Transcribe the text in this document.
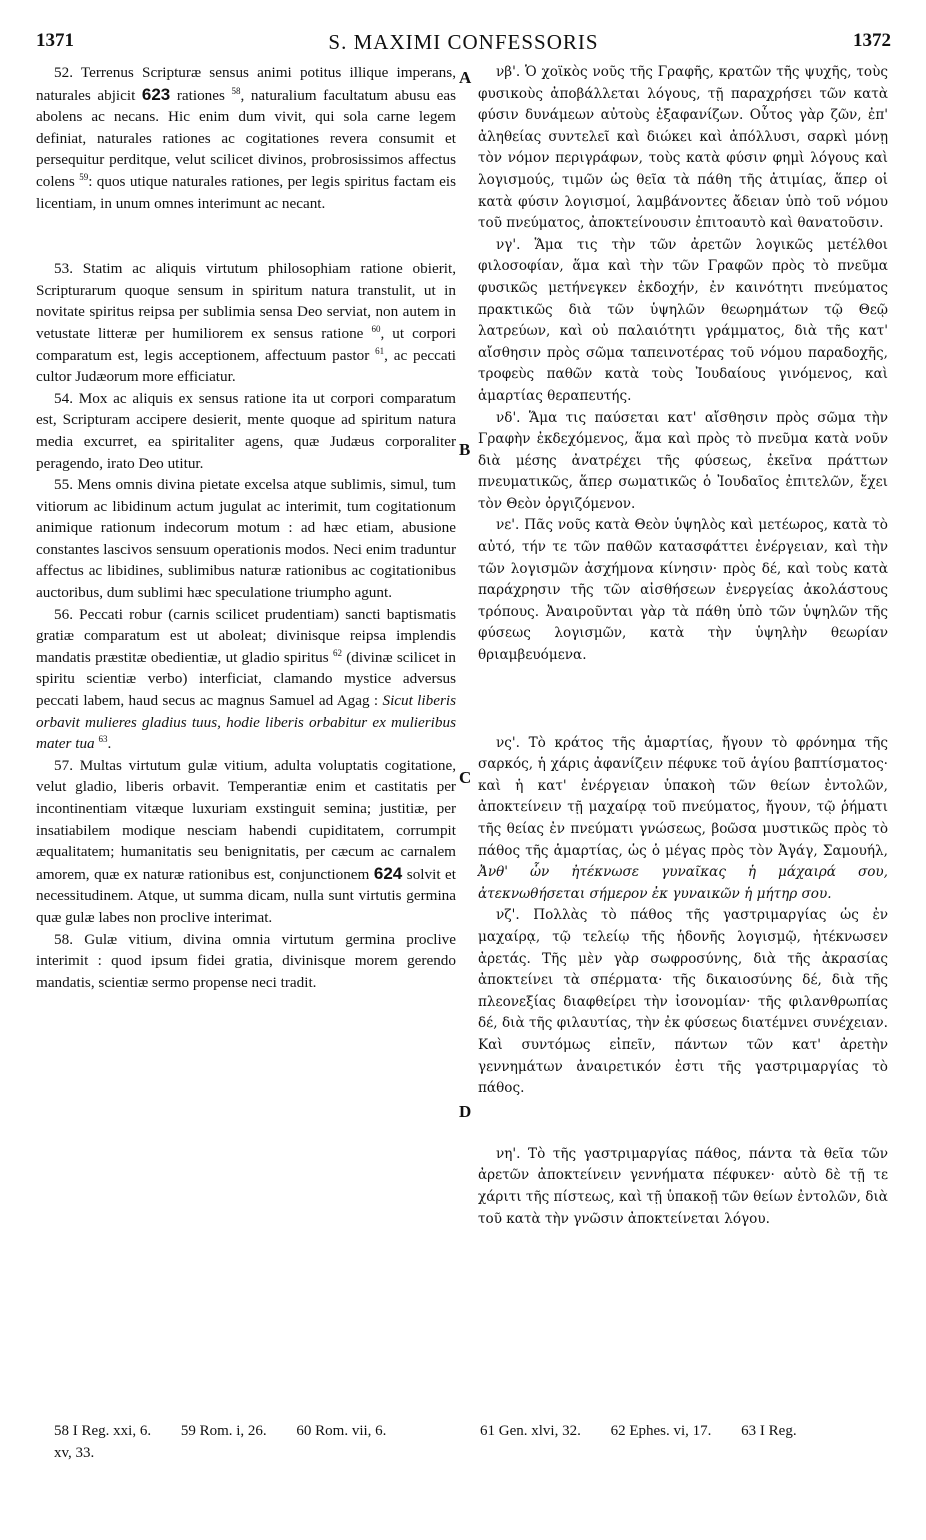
1371	S. MAXIMI CONFESSORIS	1372
A
B
C
D

52. Terrenus Scripturæ sensus animi potitus illique imperans, naturales abjicit 623 rationes $^{58}$, naturalium facultatum abusu eas abolens ac necans. Hic enim dum vivit, qui sola carne legem definiat, naturales rationes ac cogitationes revera consumit et persequitur perditque, velut scilicet divinos, probrosissimos affectus colens $^{59}$: quos utique naturales rationes, per legis spiritus factam eis licentiam, in unum omnes interimunt ac necant.

53. Statim ac aliquis virtutum philosophiam ratione obierit, Scripturarum quoque sensum in spiritum natura transtulit, ut in novitate spiritus reipsa per sublimia sensa Deo serviat, non autem in vetustate litteræ per humiliorem ex sensus ratione $^{60}$, ut corpori comparatum est, legis acceptionem, affectuum pastor $^{61}$, ac peccati cultor Judæorum more efficiatur.

54. Mox ac aliquis ex sensus ratione ita ut corpori comparatum est, Scripturam accipere desierit, mente quoque ad spiritum natura media excurret, ea spiritaliter agens, quæ Judæus corporaliter peragendo, irato Deo utitur.

55. Mens omnis divina pietate excelsa atque sublimis, simul, tum vitiorum ac libidinum actum jugulat ac interimit, tum cogitationum animique rationum indecorum motum : ad hæc etiam, abusione constantes lascivos sensuum operationis modos. Neci enim traduntur affectus ac libidines, sublimibus naturæ rationibus ac cogitationibus auctoribus, dum sublimi hæc speculatione triumpho agunt.

56. Peccati robur (carnis scilicet prudentiam) sancti baptismatis gratiæ comparatum est ut aboleat; divinisque reipsa implendis mandatis præstitæ obedientiæ, ut gladio spiritus $^{62}$ (divinæ scilicet in spiritu scientiæ verbo) interficiat, clamando mystice adversus peccati labem, haud secus ac magnus Samuel ad Agag : Sicut liberis orbavit mulieres gladius tuus, hodie liberis orbabitur ex mulieribus mater tua $^{63}$.

57. Multas virtutum gulæ vitium, adulta voluptatis cogitatione, velut gladio, liberis orbavit. Temperantiæ enim et castitatis per incontinentiam vitæque luxuriam exstinguit semina; justitiæ, per insatiabilem modique nesciam habendi cupiditatem, corrumpit æqualitatem; humanitatis seu benignitatis, per cæcum ac carnalem amorem, quæ ex naturæ rationibus est, conjunctionem 624 solvit et necessitudinem. Atque, ut summa dicam, nulla sunt virtutis germina quæ gulæ labes non proclive interimat.

58. Gulæ vitium, divina omnia virtutum germina proclive interimit : quod ipsum fidei gratia, divinisque morem gerendo mandatis, scientiæ sermo propense neci tradit.

νβ'. Ὁ χοϊκὸς νοῦς τῆς Γραφῆς, κρατῶν τῆς ψυχῆς, τοὺς φυσικοὺς ἀποβάλλεται λόγους, τῇ παραχρήσει τῶν κατὰ φύσιν δυνάμεων αὐτοὺς ἐξαφανίζων. Οὗτος γὰρ ζῶν, ἐπ' ἀληθείας συντελεῖ καὶ διώκει καὶ ἀπόλλυσι, σαρκὶ μόνῃ τὸν νόμον περιγράφων, τοὺς κατὰ φύσιν φημὶ λόγους καὶ λογισμούς, τιμῶν ὡς θεῖα τὰ πάθη τῆς ἀτιμίας, ἅπερ οἱ κατὰ φύσιν λογισμοί, λαμβάνοντες ἄδειαν ὑπὸ τοῦ νόμου τοῦ πνεύματος, ἀποκτείνουσιν ἐπιτοαυτὸ καὶ θανατοῦσιν.

νγ'. Ἅμα τις τὴν τῶν ἀρετῶν λογικῶς μετέλθοι φιλοσοφίαν, ἅμα καὶ τὴν τῶν Γραφῶν πρὸς τὸ πνεῦμα φυσικῶς μετήνεγκεν ἐκδοχήν, ἐν καινότητι πνεύματος πρακτικῶς διὰ τῶν ὑψηλῶν θεωρημάτων τῷ Θεῷ λατρεύων, καὶ οὐ παλαιότητι γράμματος, διὰ τῆς κατ' αἴσθησιν πρὸς σῶμα ταπεινοτέρας τοῦ νόμου παραδοχῆς, τροφεὺς παθῶν κατὰ τοὺς Ἰουδαίους γινόμενος, καὶ ἁμαρτίας θεραπευτής.

νδ'. Ἅμα τις παύσεται κατ' αἴσθησιν πρὸς σῶμα τὴν Γραφὴν ἐκδεχόμενος, ἅμα καὶ πρὸς τὸ πνεῦμα κατὰ νοῦν διὰ μέσης ἀνατρέχει τῆς φύσεως, ἐκεῖνα πράττων πνευματικῶς, ἅπερ σωματικῶς ὁ Ἰουδαῖος ἐπιτελῶν, ἔχει τὸν Θεὸν ὀργιζόμενον.

νε'. Πᾶς νοῦς κατὰ Θεὸν ὑψηλὸς καὶ μετέωρος, κατὰ τὸ αὐτό, τήν τε τῶν παθῶν κατασφάττει ἐνέργειαν, καὶ τὴν τῶν λογισμῶν ἀσχήμονα κίνησιν· πρὸς δέ, καὶ τοὺς κατὰ παράχρησιν τῆς τῶν αἰσθήσεων ἐνεργείας ἀκολάστους τρόπους. Ἀναιροῦνται γὰρ τὰ πάθη ὑπὸ τῶν ὑψηλῶν τῆς φύσεως λογισμῶν, κατὰ τὴν ὑψηλὴν θεωρίαν θριαμβευόμενα.

νς'. Τὸ κράτος τῆς ἁμαρτίας, ἤγουν τὸ φρόνημα τῆς σαρκός, ἡ χάρις ἀφανίζειν πέφυκε τοῦ ἁγίου βαπτίσματος· καὶ ἡ κατ' ἐνέργειαν ὑπακοὴ τῶν θείων ἐντολῶν, ἀποκτείνειν τῇ μαχαίρᾳ τοῦ πνεύματος, ἤγουν, τῷ ῥήματι τῆς θείας ἐν πνεύματι γνώσεως, βοῶσα μυστικῶς πρὸς τὸ πάθος τῆς ἁμαρτίας, ὡς ὁ μέγας πρὸς τὸν Ἀγάγ, Σαμουήλ, Ἀνθ' ὧν ἠτέκνωσε γυναῖκας ἡ μάχαιρά σου, ἀτεκνωθήσεται σήμερον ἐκ γυναικῶν ἡ μήτηρ σου.

νζ'. Πολλὰς τὸ πάθος τῆς γαστριμαργίας ὡς ἐν μαχαίρᾳ, τῷ τελείῳ τῆς ἡδονῆς λογισμῷ, ἠτέκνωσεν ἀρετάς. Τῆς μὲν γὰρ σωφροσύνης, διὰ τῆς ἀκρασίας ἀποκτείνει τὰ σπέρματα· τῆς δικαιοσύνης δέ, διὰ τῆς πλεονεξίας διαφθείρει τὴν ἰσονομίαν· τῆς φιλανθρωπίας δέ, διὰ τῆς φιλαυτίας, τὴν ἐκ φύσεως διατέμνει συνέχειαν. Καὶ συντόμως εἰπεῖν, πάντων τῶν κατ' ἀρετὴν γεννημάτων ἀναιρετικόν ἐστι τῆς γαστριμαργίας τὸ πάθος.

νη'. Τὸ τῆς γαστριμαργίας πάθος, πάντα τὰ θεῖα τῶν ἀρετῶν ἀποκτείνειν γεννήματα πέφυκεν· αὐτὸ δὲ τῇ τε χάριτι τῆς πίστεως, καὶ τῇ ὑπακοῇ τῶν θείων ἐντολῶν, διὰ τοῦ κατὰ τὴν γνῶσιν ἀποκτείνεται λόγου.

58 I Reg. xxi, 6. 59 Rom. i, 26. 60 Rom. vii, 6.
xv, 33.
61 Gen. xlvi, 32. 62 Ephes. vi, 17. 63 I Reg.
